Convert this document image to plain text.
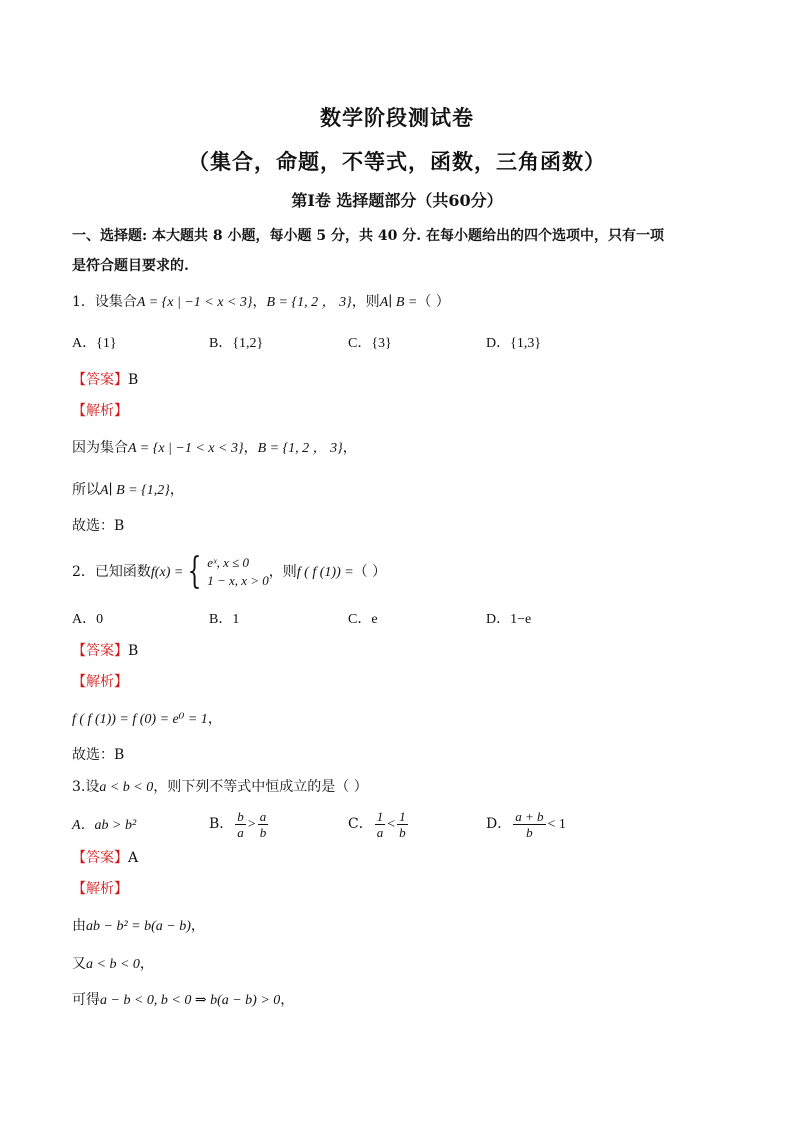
数学阶段测试卷
（集合，命题，不等式，函数，三角函数）
第Ⅰ卷 选择题部分（共60分）
一、选择题: 本大题共 8 小题，每小题 5 分，共 40 分. 在每小题给出的四个选项中，只有一项
是符合题目要求的.
1．设集合A = {x | −1 < x < 3}，B = {1, 2 ， 3}，则A∣ B =（ ）
A．{1}	B．{1,2}	C．{3}	D．{1,3}
【答案】B
【解析】
因为集合A = {x | −1 < x < 3}，B = {1, 2 ， 3}，
所以A∣ B = {1,2}，
故选：B
2．已知函数f(x) = { eˣ, x ≤ 0
1 − x, x > 0
，则f ( f (1)) =（ ）
A．0	B．1	C．e	D．1−e
【答案】B
【解析】
f ( f (1)) = f (0) = e⁰ = 1，
故选：B
3.设a < b < 0，则下列不等式中恒成立的是（ ）
A．ab > b²	B． $\frac{b}{a} > \frac{a}{b}$	C． $\frac{1}{a} < \frac{1}{b}$	D． $\frac{a + b}{b} < 1$
【答案】A
【解析】
由ab − b² = b(a − b)，
又a < b < 0，
可得a − b < 0, b < 0 ⇒ b(a − b) > 0，
